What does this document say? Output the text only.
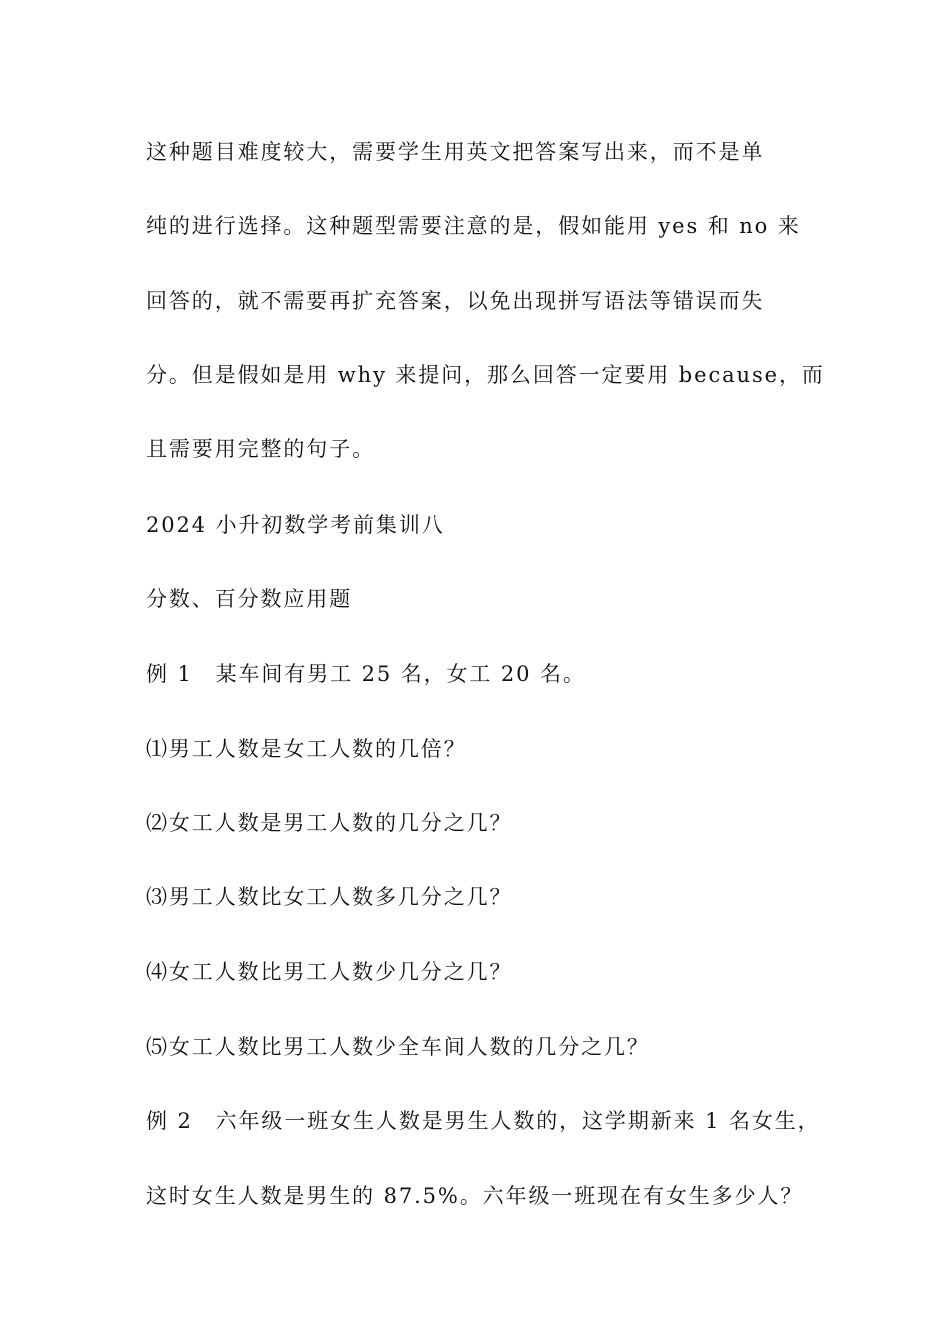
这种题目难度较大，需要学生用英文把答案写出来，而不是单
纯的进行选择。这种题型需要注意的是，假如能用 yes 和 no 来
回答的，就不需要再扩充答案，以免出现拼写语法等错误而失
分。但是假如是用 why 来提问，那么回答一定要用 because，而
且需要用完整的句子。
2024 小升初数学考前集训八
分数、百分数应用题
例 1　某车间有男工 25 名，女工 20 名。
⑴男工人数是女工人数的几倍？
⑵女工人数是男工人数的几分之几？
⑶男工人数比女工人数多几分之几？
⑷女工人数比男工人数少几分之几？
⑸女工人数比男工人数少全车间人数的几分之几？
例 2　六年级一班女生人数是男生人数的，这学期新来 1 名女生，
这时女生人数是男生的 87.5%。六年级一班现在有女生多少人？
